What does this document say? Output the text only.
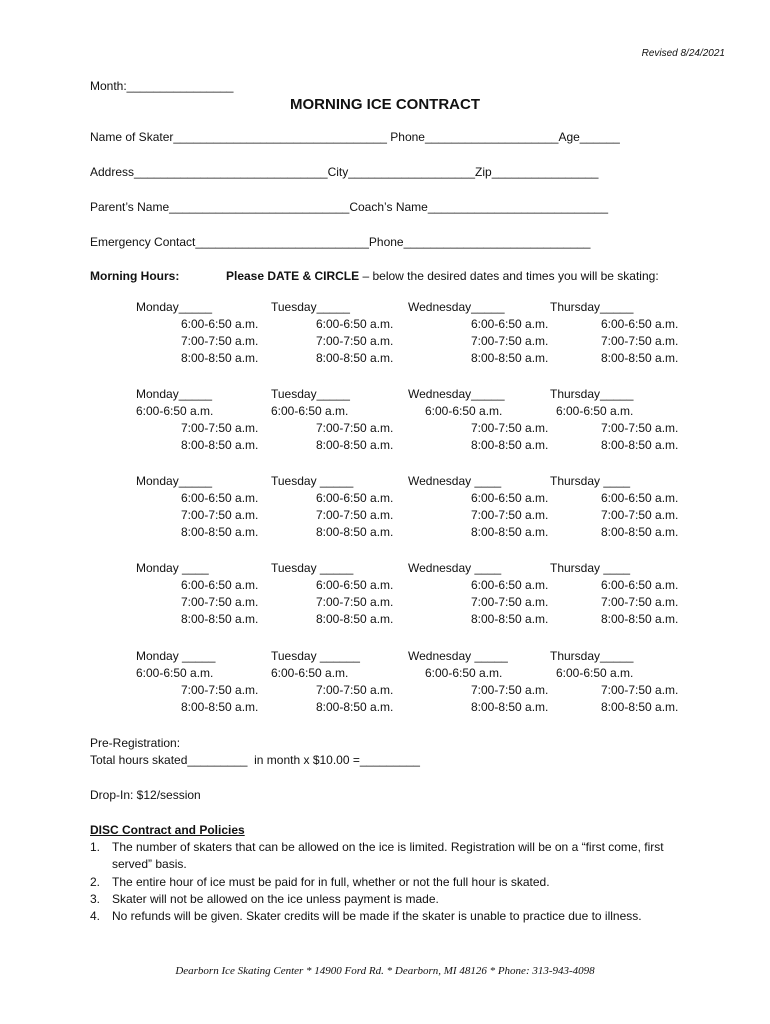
Revised 8/24/2021
Month:________________
MORNING ICE CONTRACT
Name of Skater________________________________ Phone____________________Age______
Address_____________________________City___________________Zip________________
Parent’s Name___________________________Coach’s Name___________________________
Emergency Contact__________________________Phone____________________________
Morning Hours:	Please DATE & CIRCLE – below the desired dates and times you will be skating:
Monday_____	Tuesday_____	Wednesday_____	Thursday_____
6:00-6:50 a.m.	6:00-6:50 a.m.	6:00-6:50 a.m.	6:00-6:50 a.m.
7:00-7:50 a.m.	7:00-7:50 a.m.	7:00-7:50 a.m.	7:00-7:50 a.m.
8:00-8:50 a.m.	8:00-8:50 a.m.	8:00-8:50 a.m.	8:00-8:50 a.m.
Monday_____	Tuesday_____	Wednesday_____	Thursday_____
6:00-6:50 a.m.	6:00-6:50 a.m.	6:00-6:50 a.m.	6:00-6:50 a.m.
7:00-7:50 a.m.	7:00-7:50 a.m.	7:00-7:50 a.m.	7:00-7:50 a.m.
8:00-8:50 a.m.	8:00-8:50 a.m.	8:00-8:50 a.m.	8:00-8:50 a.m.
Monday_____	Tuesday _____	Wednesday ____	Thursday ____
6:00-6:50 a.m.	6:00-6:50 a.m.	6:00-6:50 a.m.	6:00-6:50 a.m.
7:00-7:50 a.m.	7:00-7:50 a.m.	7:00-7:50 a.m.	7:00-7:50 a.m.
8:00-8:50 a.m.	8:00-8:50 a.m.	8:00-8:50 a.m.	8:00-8:50 a.m.
Monday ____	Tuesday _____	Wednesday ____	Thursday ____
6:00-6:50 a.m.	6:00-6:50 a.m.	6:00-6:50 a.m.	6:00-6:50 a.m.
7:00-7:50 a.m.	7:00-7:50 a.m.	7:00-7:50 a.m.	7:00-7:50 a.m.
8:00-8:50 a.m.	8:00-8:50 a.m.	8:00-8:50 a.m.	8:00-8:50 a.m.
Monday _____	Tuesday ______	Wednesday _____	Thursday_____
6:00-6:50 a.m.	6:00-6:50 a.m.	6:00-6:50 a.m.	6:00-6:50 a.m.
7:00-7:50 a.m.	7:00-7:50 a.m.	7:00-7:50 a.m.	7:00-7:50 a.m.
8:00-8:50 a.m.	8:00-8:50 a.m.	8:00-8:50 a.m.	8:00-8:50 a.m.
Pre-Registration:
Total hours skated_________  in month x $10.00 =_________
Drop-In: $12/session
DISC Contract and Policies
1. The number of skaters that can be allowed on the ice is limited. Registration will be on a “first come, first
served” basis.
2. The entire hour of ice must be paid for in full, whether or not the full hour is skated.
3. Skater will not be allowed on the ice unless payment is made.
4. No refunds will be given. Skater credits will be made if the skater is unable to practice due to illness.
Dearborn Ice Skating Center * 14900 Ford Rd. * Dearborn, MI 48126 * Phone: 313-943-4098
